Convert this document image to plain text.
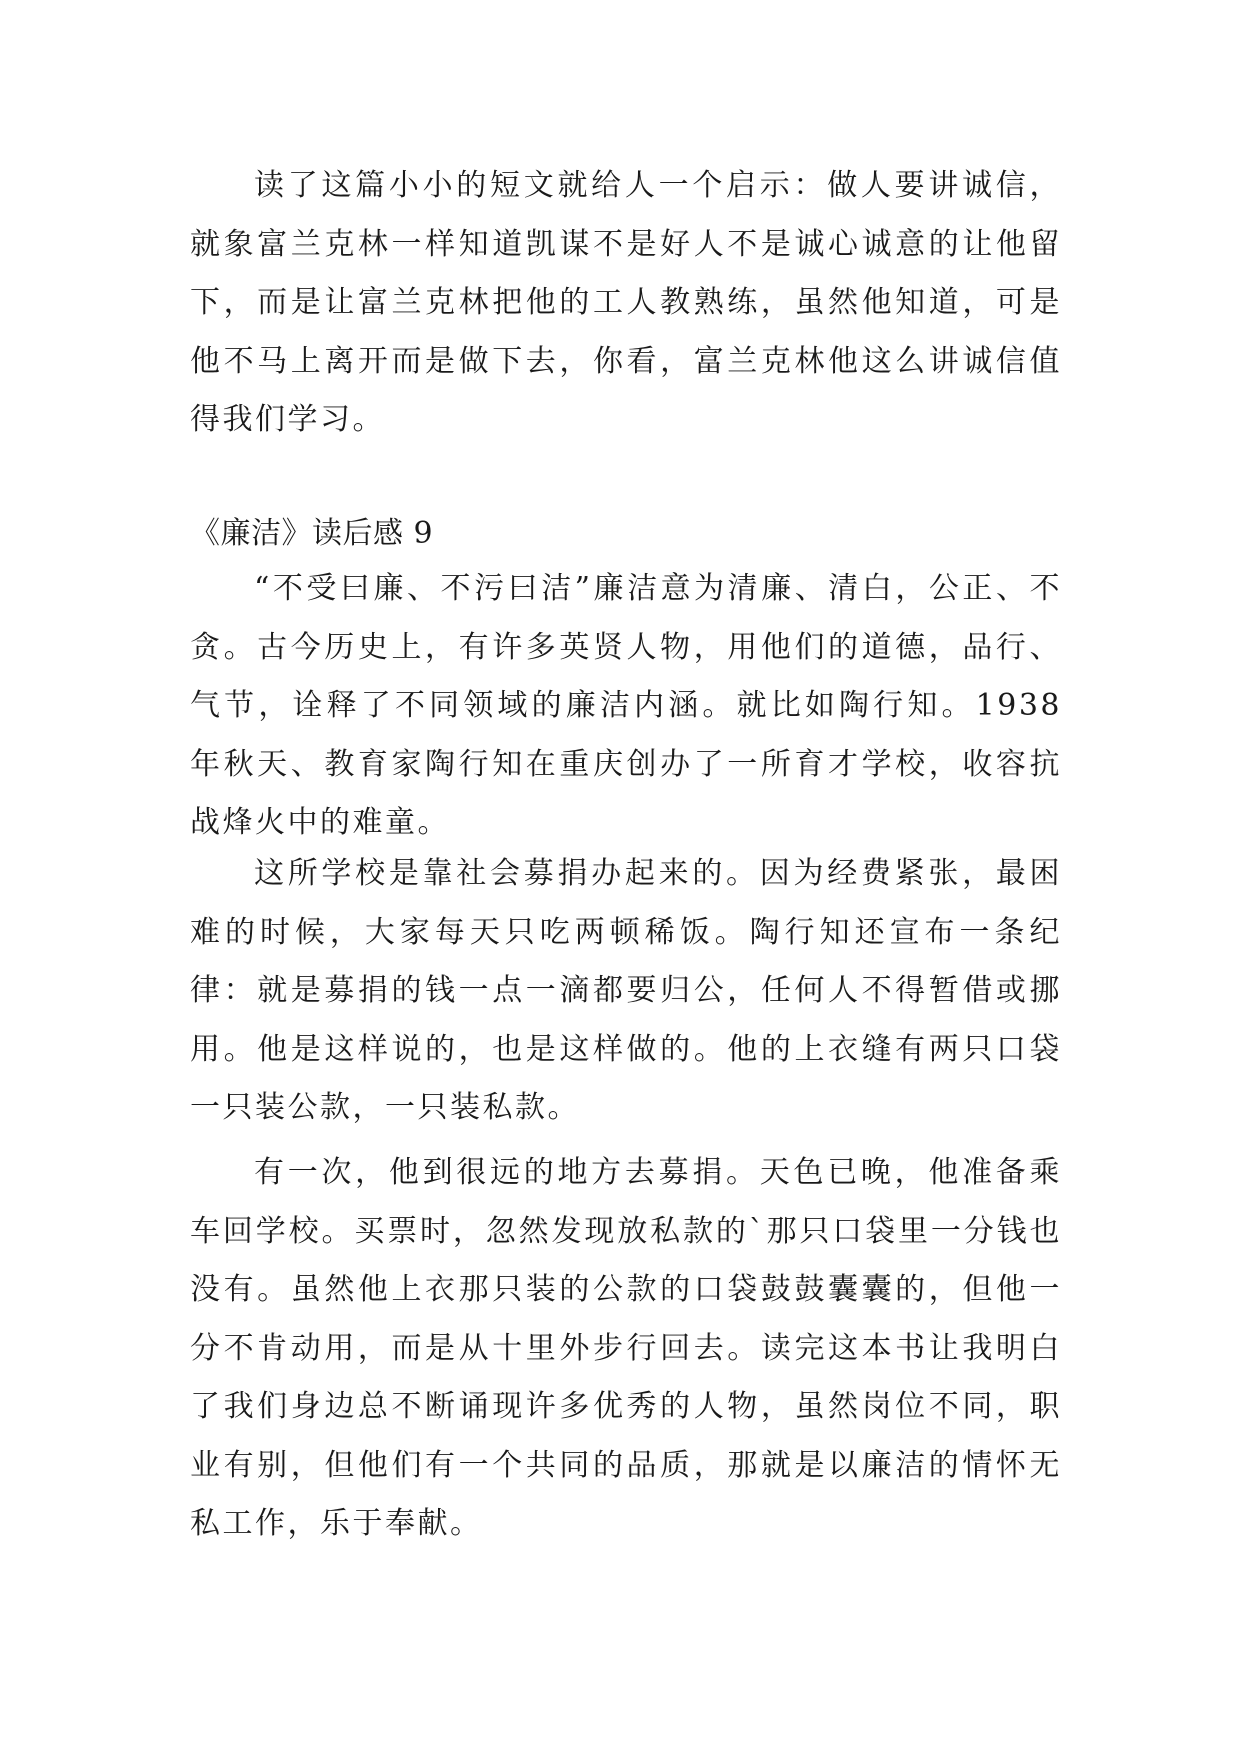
读了这篇小小的短文就给人一个启示：做人要讲诚信，就象富兰克林一样知道凯谋不是好人不是诚心诚意的让他留下，而是让富兰克林把他的工人教熟练，虽然他知道，可是他不马上离开而是做下去，你看，富兰克林他这么讲诚信值得我们学习。

《廉洁》读后感 9

“不受曰廉、不污曰洁”廉洁意为清廉、清白，公正、不贪。古今历史上，有许多英贤人物，用他们的道德，品行、气节，诠释了不同领域的廉洁内涵。就比如陶行知。1938 年秋天、教育家陶行知在重庆创办了一所育才学校，收容抗战烽火中的难童。

这所学校是靠社会募捐办起来的。因为经费紧张，最困难的时候，大家每天只吃两顿稀饭。陶行知还宣布一条纪律：就是募捐的钱一点一滴都要归公，任何人不得暂借或挪用。他是这样说的，也是这样做的。他的上衣缝有两只口袋一只装公款，一只装私款。

有一次，他到很远的地方去募捐。天色已晚，他准备乘车回学校。买票时，忽然发现放私款的`那只口袋里一分钱也没有。虽然他上衣那只装的公款的口袋鼓鼓囊囊的，但他一分不肯动用，而是从十里外步行回去。读完这本书让我明白了我们身边总不断诵现许多优秀的人物，虽然岗位不同，职业有别，但他们有一个共同的品质，那就是以廉洁的情怀无私工作，乐于奉献。
